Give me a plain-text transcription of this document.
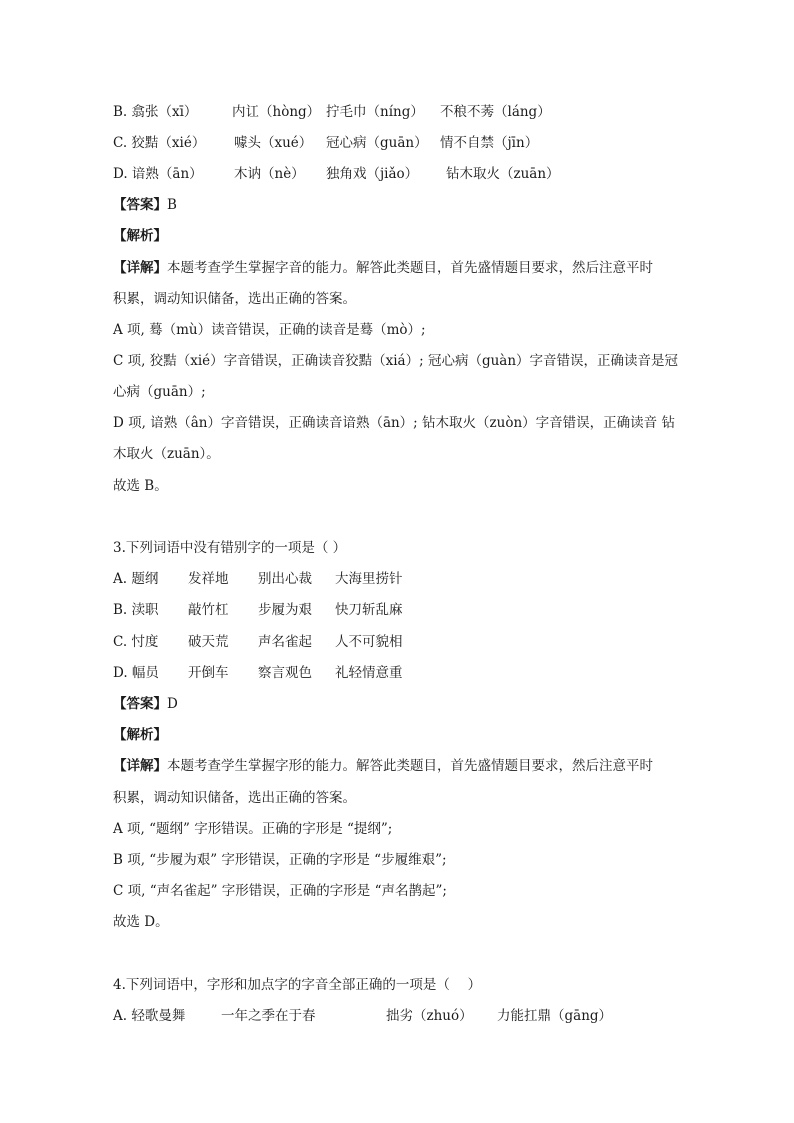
B. 翕张（xī）	内讧（hòng） 拧毛巾（níng） 不稂不莠（láng）
C. 狡黠（xié） 噱头（xué） 冠心病（guān） 情不自禁（jīn）
D. 谙熟（ān） 木讷（nè） 独角戏（jiǎo） 钻木取火（zuān）
【答案】B
【解析】
【详解】本题考查学生掌握字音的能力。解答此类题目，首先盛情题目要求，然后注意平时
积累，调动知识储备，选出正确的答案。
A 项, 蓦（mù）读音错误，正确的读音是蓦（mò）;
C 项, 狡黠（xié）字音错误，正确读音狡黠（xiá）; 冠心病（guàn）字音错误，正确读音是冠
心病（guān）;
D 项, 谙熟（ân）字音错误，正确读音谙熟（ān）; 钻木取火（zuòn）字音错误，正确读音 钻
木取火（zuān）。
故选 B。
3.下列词语中没有错别字的一项是（ ）
A. 题纲 发祥地 别出心裁 大海里捞针
B. 渎职 敲竹杠 步履为艰 快刀斩乱麻
C. 忖度 破天荒 声名雀起 人不可貌相
D. 幅员 开倒车 察言观色 礼轻情意重
【答案】D
【解析】
【详解】本题考查学生掌握字形的能力。解答此类题目，首先盛情题目要求，然后注意平时
积累，调动知识储备，选出正确的答案。
A 项, “题纲” 字形错误。正确的字形是 “提纲”;
B 项, “步履为艰” 字形错误，正确的字形是 “步履维艰”;
C 项, “声名雀起” 字形错误，正确的字形是 “声名鹊起”;
故选 D。
4.下列词语中，字形和加点字的字音全部正确的一项是（　 ）
A. 轻歌曼舞	一年之季在于春	拙劣（zhuó） 力能扛鼎（gāng）
